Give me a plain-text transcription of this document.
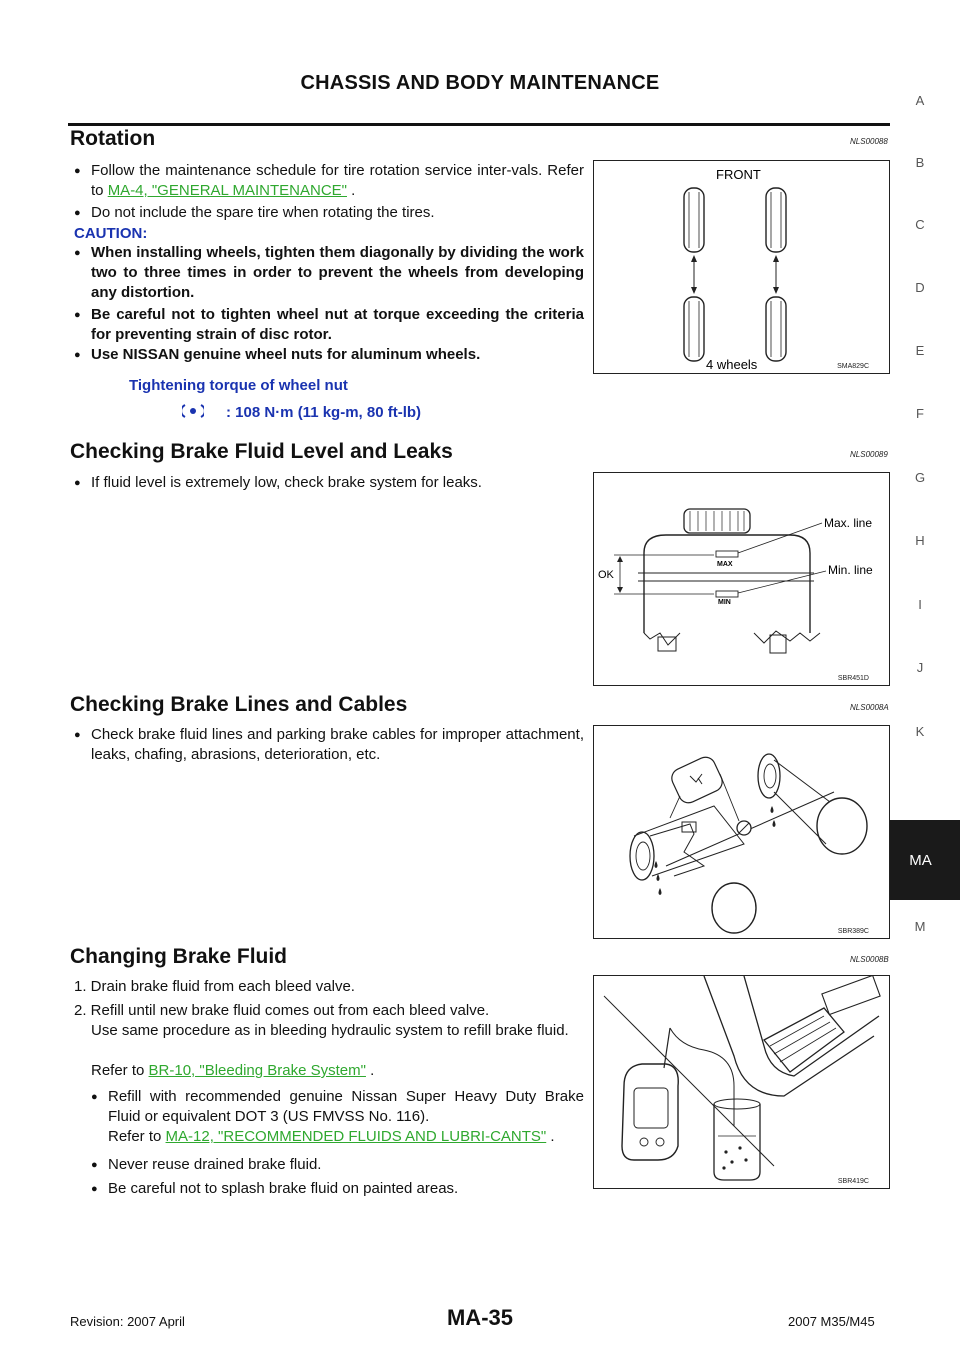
CHASSIS AND BODY MAINTENANCE
A
B
C
D
E
F
G
H
I
J
K
MA
M
Rotation	NLS00088
● Follow the maintenance schedule for tire rotation service inter-vals. Refer to MA-4, "GENERAL MAINTENANCE" .
● Do not include the spare tire when rotating the tires.
CAUTION:
● When installing wheels, tighten them diagonally by dividing the work two to three times in order to prevent the wheels from developing any distortion.
● Be careful not to tighten wheel nut at torque exceeding the criteria for preventing strain of disc rotor.
● Use NISSAN genuine wheel nuts for aluminum wheels.
Tightening torque of wheel nut
: 108 N·m (11 kg-m, 80 ft-lb)
FRONT
4 wheels	SMA829C
Checking Brake Fluid Level and Leaks	NLS00089
● If fluid level is extremely low, check brake system for leaks.
MAX
MIN
OK
Max. line
Min. line
SBR451D
Checking Brake Lines and Cables	NLS0008A
● Check brake fluid lines and parking brake cables for improper attachment, leaks, chafing, abrasions, deterioration, etc.
SBR389C
Changing Brake Fluid	NLS0008B
1. Drain brake fluid from each bleed valve.
2. Refill until new brake fluid comes out from each bleed valve.
Use same procedure as in bleeding hydraulic system to refill brake fluid.
Refer to BR-10, "Bleeding Brake System" .
● Refill with recommended genuine Nissan Super Heavy Duty Brake Fluid or equivalent DOT 3 (US FMVSS No. 116).
Refer to MA-12, "RECOMMENDED FLUIDS AND LUBRI-CANTS" .
● Never reuse drained brake fluid.
● Be careful not to splash brake fluid on painted areas.	SBR419C
Revision: 2007 April	MA-35	2007 M35/M45
